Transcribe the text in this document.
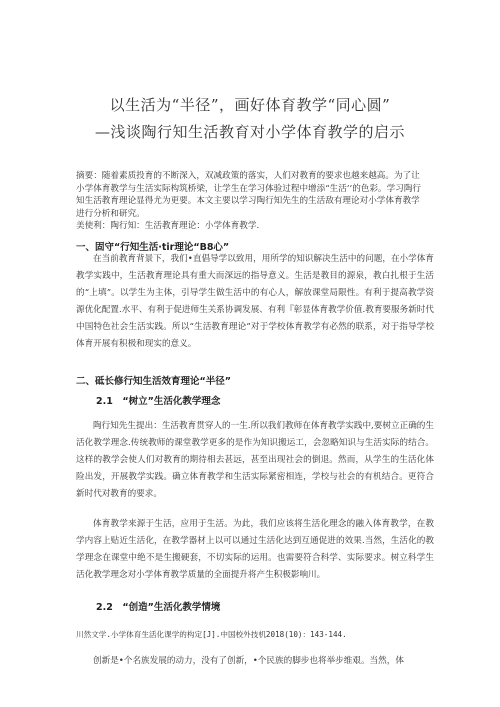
以生活为“半径”，画好体育教学“同心圆”
—浅谈陶行知生活教育对小学体育教学的启示

摘要：随着素质投育的不断深入，双减政策的落实，人们对教育的要求也越来越高。为了让小学体育教学与生活实际构筑桥梁，让学生在学习体验过程中增添“生活’’的色彩。学习陶行知生活教育理论显得尤为更要。本文主要以学习陶行知先生的生活敌有理论对小学体育教学进行分析和研究。

美使利：陶行知：生活教育理论：小学体育教学.

一、固守“行知生活·tir理论“B8心”

在当前教育背景下，我们•直倡导学以致用，用所学的知识解决生活中的问题，在小学体育教学实践中，生活教育理论具有重大而深远的指导意义。生活是教目的源泉，教白扎根于生活的“上填”。以学生为主体，引导学生做生活中的有心人，解放课堂局限性。有利于提高教学资源优化配置.水平、有利于促进师生关系协调发展、有利『彰显体育教学价值.教育要服务新时代中国特色社会生活实践。所以“生活教育理论”对于学校体育教学有必然的联系，对于指导学校体育开展有积极和现实的意义。

二、砥长修行知生活效育理论“半径”

2.1　“树立”生活化教学理念

陶行知先生提出：生活教育贯穿人的一生.所以我们教师在体育教学实践中,要树立正确的生活化教学理念.传统教师的课堂教学更多的是作为知识搬运工，会忽略知识与生活实际的结合。这样的教学会使人们对教育的期待相去甚远，甚至出现社会的倒退。然而，从学生的生活化体险出发，开展教学实践。确立体育教学和生活实际紧密相连，学校与社会的有机结合。更符合新时代对教育的要求。

体育教学来源于生活，应用于生活。为此，我们应该将生活化理念的融入体育教学，在教学内容上贴近生活化，在教学器材上以可以通过生活化达到互通促进的效果.当然，生活化的教学理念在课堂中绝不是生搬硬套，不切实际的运用。也需要符合科学、实际要求。树立科学生活化教学理念对小学体育教学质量的全面提升将产生积极影响川。

2.2　“创造”生活化教学情境

川然文学.小学体育生活化课学的构定[J].中国校外技机2018(10)：143-144.

创新是•个名族发展的动力，没有了创新，•个民族的脚步也将举步维艰。当然，体
